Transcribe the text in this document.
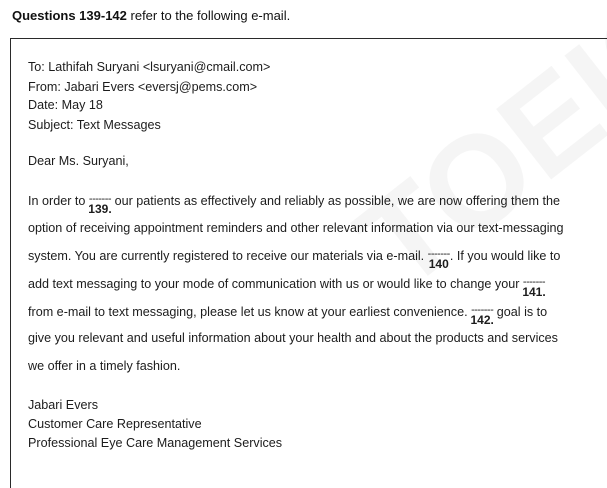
Questions 139-142 refer to the following e-mail.
To: Lathifah Suryani <lsuryani@cmail.com>
From: Jabari Evers <eversj@pems.com>
Date: May 18
Subject: Text Messages
Dear Ms. Suryani,
In order to -------
139.
our patients as effectively and reliably as possible, we are now offering them the
option of receiving appointment reminders and other relevant information via our text-messaging
system. You are currently registered to receive our materials via e-mail. -------
140
. If you would like to
add text messaging to your mode of communication with us or would like to change your -------
141.
from e-mail to text messaging, please let us know at your earliest convenience. -------
142.
goal is to
give you relevant and useful information about your health and about the products and services
we offer in a timely fashion.
Jabari Evers
Customer Care Representative
Professional Eye Care Management Services
